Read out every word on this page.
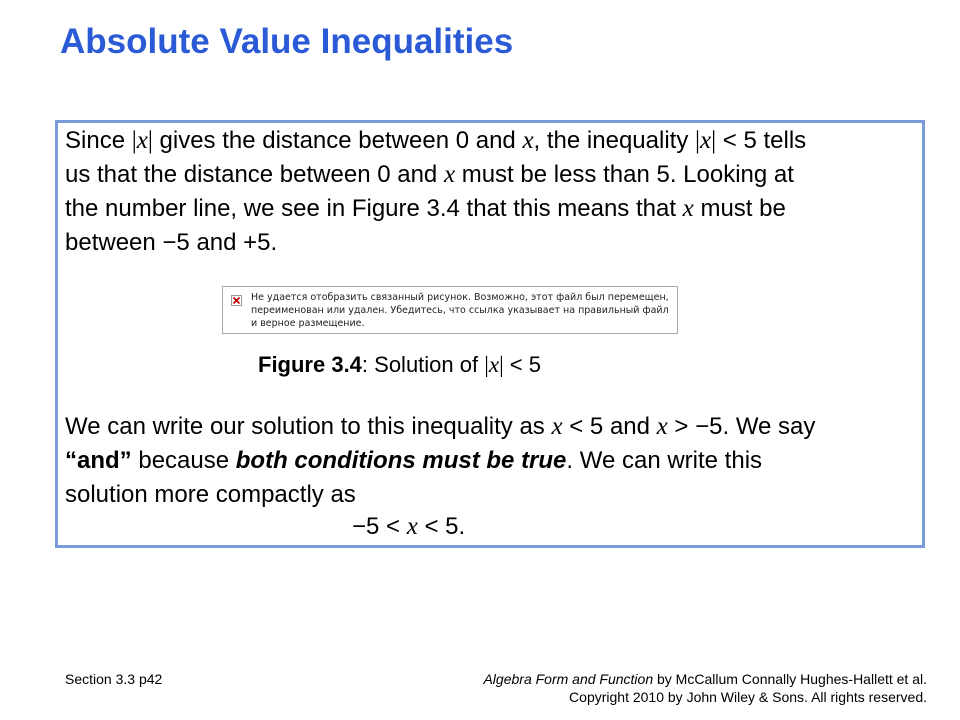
Absolute Value Inequalities
Since |x| gives the distance between 0 and x, the inequality |x| < 5 tells
us that the distance between 0 and x must be less than 5. Looking at
the number line, we see in Figure 3.4 that this means that x must be
between −5 and +5.
Не удается отобразить связанный рисунок. Возможно, этот файл был перемещен, переименован или удален. Убедитесь, что ссылка указывает на правильный файл и верное размещение.
Figure 3.4: Solution of |x| < 5
We can write our solution to this inequality as x < 5 and x > −5. We say
“and” because both conditions must be true. We can write this
solution more compactly as
−5 < x < 5.
Section 3.3 p42	Algebra Form and Function by McCallum Connally Hughes-Hallett et al.
Copyright 2010 by John Wiley & Sons. All rights reserved.
